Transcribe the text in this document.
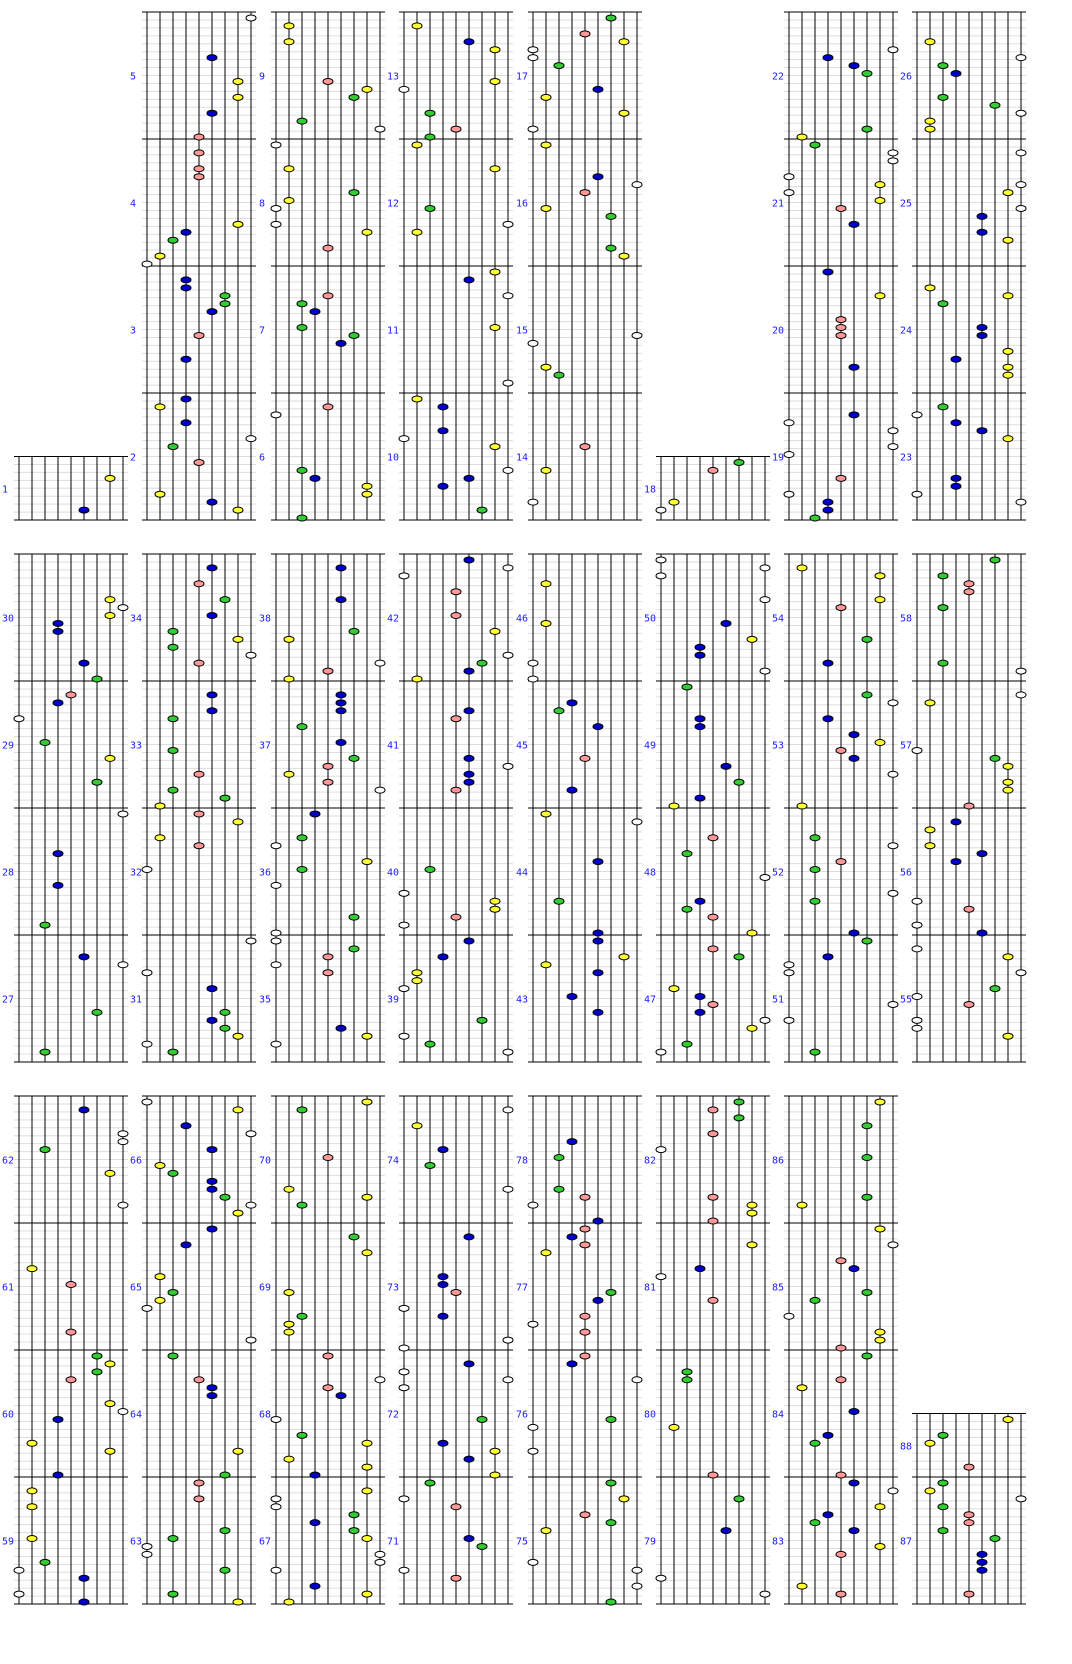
1
2
3
4
5
6
7
8
9
10
11
12
13
14
15
16
17
18
19
20
21
22
23
24
25
26
27
28
29
30
31
32
33
34
35
36
37
38
39
40
41
42
43
44
45
46
47
48
49
50
51
52
53
54
55
56
57
58
59
60
61
62
63
64
65
66
67
68
69
70
71
72
73
74
75
76
77
78
79
80
81
82
83
84
85
86
87
88
